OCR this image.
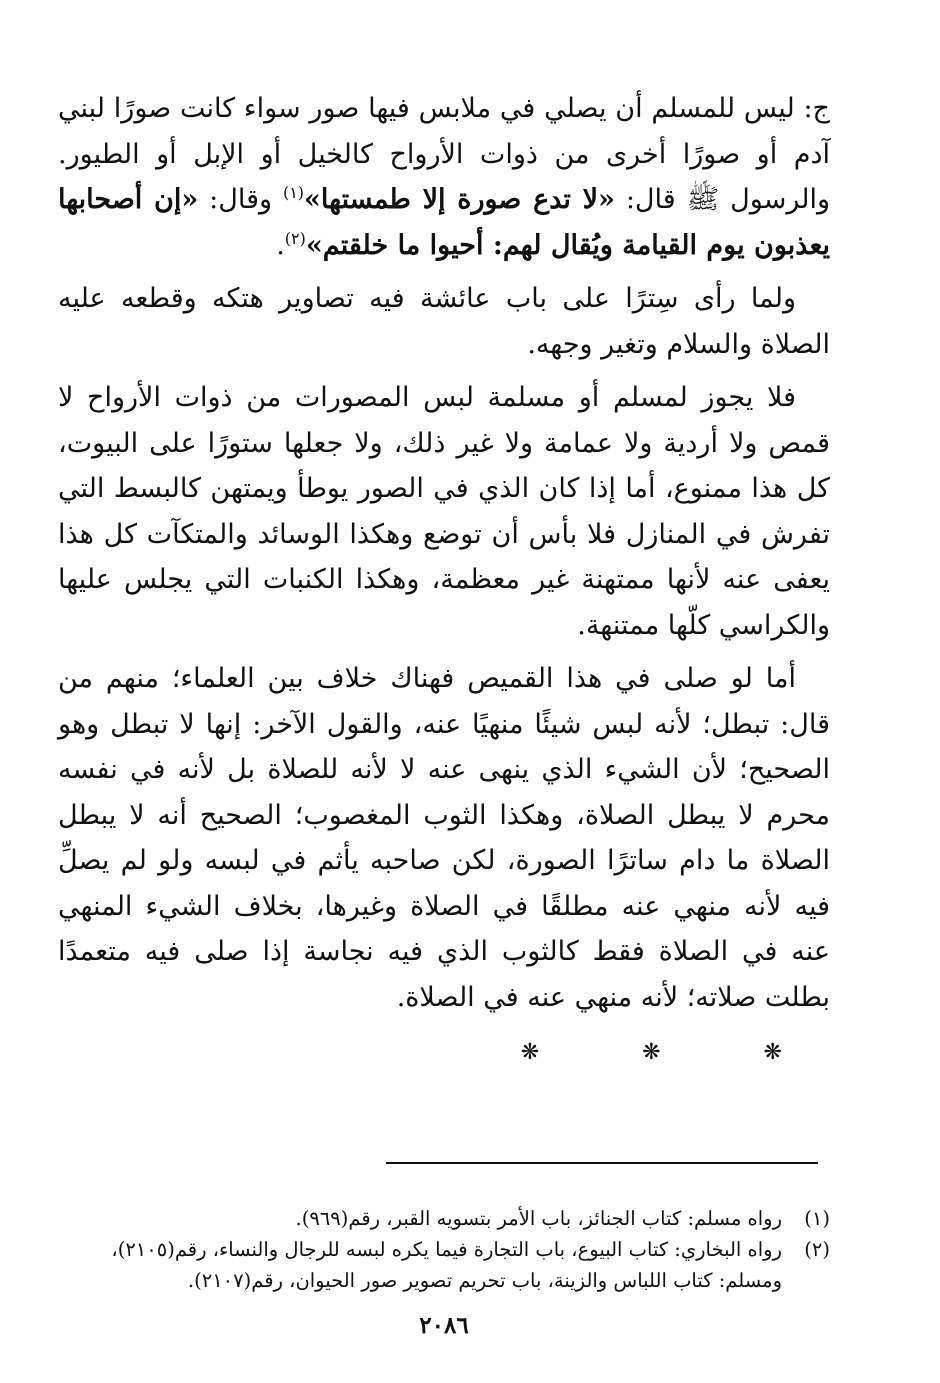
ج: ليس للمسلم أن يصلي في ملابس فيها صور سواء كانت صورًا لبني آدم أو صورًا أخرى من ذوات الأرواح كالخيل أو الإبل أو الطيور. والرسول ﷺ قال: «لا تدع صورة إلا طمستها»$^{(١)}$ وقال: «إن أصحابها يعذبون يوم القيامة ويُقال لهم: أحيوا ما خلقتم»$^{(٢)}$.

ولما رأى سِترًا على باب عائشة فيه تصاوير هتكه وقطعه عليه الصلاة والسلام وتغير وجهه.

فلا يجوز لمسلم أو مسلمة لبس المصورات من ذوات الأرواح لا قمص ولا أردية ولا عمامة ولا غير ذلك، ولا جعلها ستورًا على البيوت، كل هذا ممنوع، أما إذا كان الذي في الصور يوطأ ويمتهن كالبسط التي تفرش في المنازل فلا بأس أن توضع وهكذا الوسائد والمتكآت كل هذا يعفى عنه لأنها ممتهنة غير معظمة، وهكذا الكنبات التي يجلس عليها والكراسي كلّها ممتنهة.

أما لو صلى في هذا القميص فهناك خلاف بين العلماء؛ منهم من قال: تبطل؛ لأنه لبس شيئًا منهيًا عنه، والقول الآخر: إنها لا تبطل وهو الصحيح؛ لأن الشيء الذي ينهى عنه لا لأنه للصلاة بل لأنه في نفسه محرم لا يبطل الصلاة، وهكذا الثوب المغصوب؛ الصحيح أنه لا يبطل الصلاة ما دام ساترًا الصورة، لكن صاحبه يأثم في لبسه ولو لم يصلِّ فيه لأنه منهي عنه مطلقًا في الصلاة وغيرها، بخلاف الشيء المنهي عنه في الصلاة فقط كالثوب الذي فيه نجاسة إذا صلى فيه متعمدًا بطلت صلاته؛ لأنه منهي عنه في الصلاة.

❋ ❋ ❋
(١)
رواه مسلم: كتاب الجنائز، باب الأمر بتسويه القبر، رقم(٩٦٩).
(٢)
رواه البخاري: كتاب البيوع، باب التجارة فيما يكره لبسه للرجال والنساء، رقم(٢١٠٥)، ومسلم: كتاب اللباس والزينة، باب تحريم تصوير صور الحيوان، رقم(٢١٠٧).
٢٠٨٦
